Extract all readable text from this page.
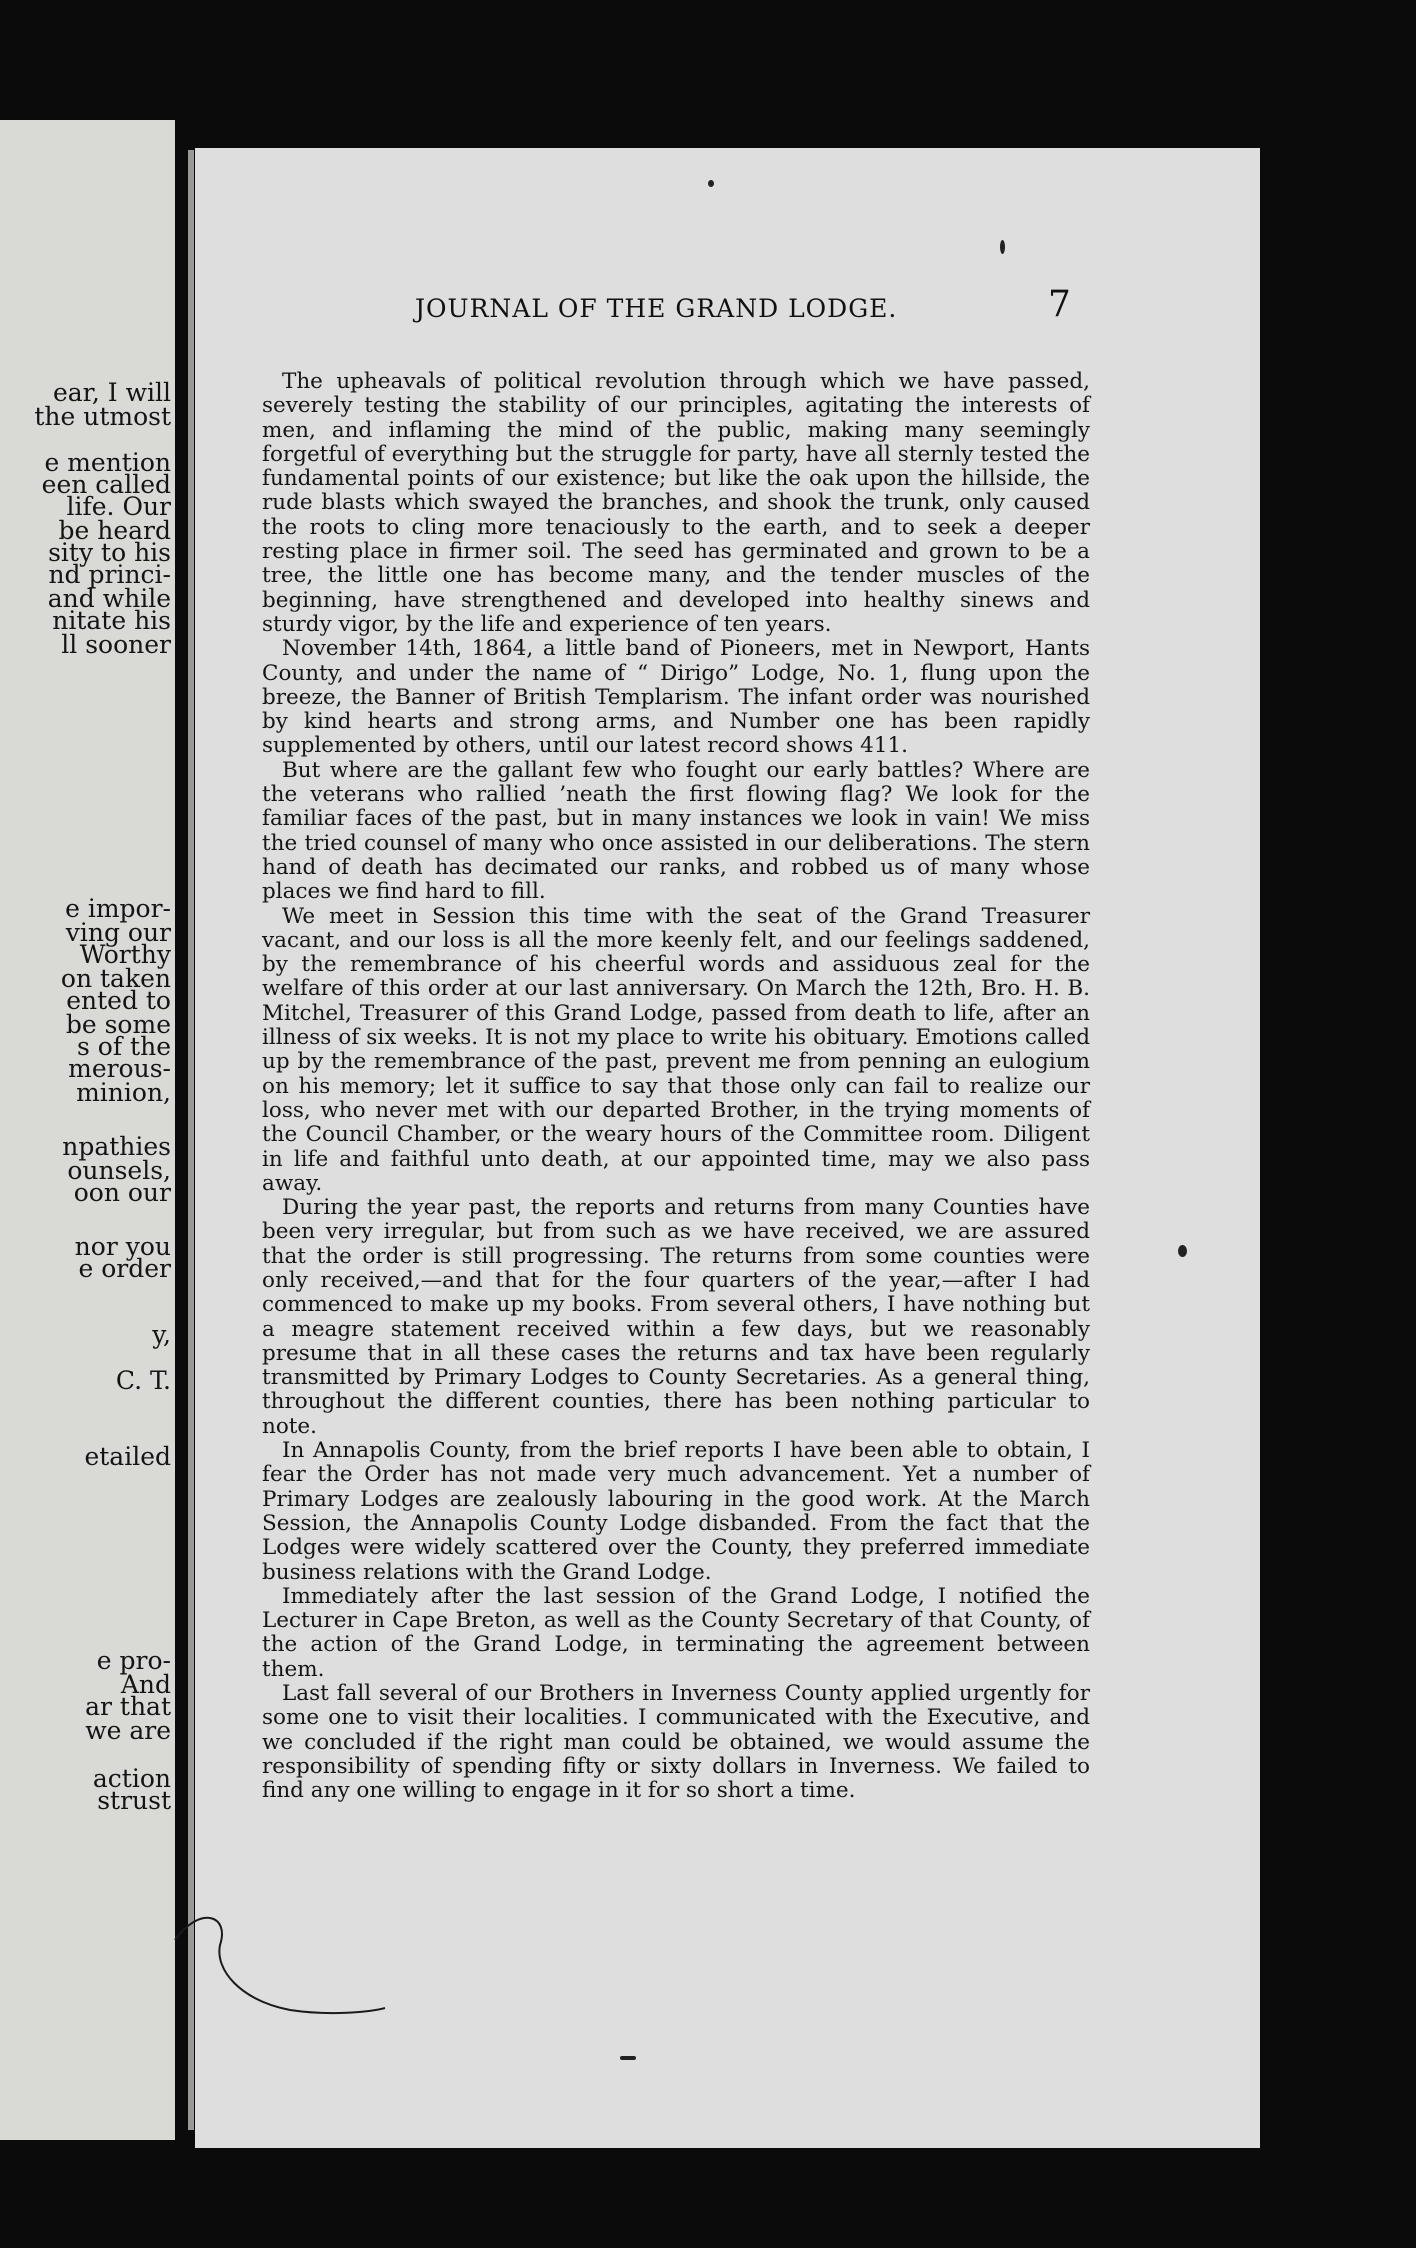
ear, I will
the utmost
e mention
een called
life. Our
be heard
sity to his
nd princi-
and while
nitate his
ll sooner
e impor-
ving our
Worthy
on taken
ented to
be some
s of the
merous-
minion,
npathies
ounsels,
oon our
nor you
e order
y,
C. T.
etailed
e pro-
And
ar that
we are
action
strust
JOURNAL OF THE GRAND LODGE.	7

The upheavals of political revolution through which we have passed, severely testing the stability of our principles, agitating the interests of men, and inflaming the mind of the public, making many seemingly forgetful of everything but the struggle for party, have all sternly tested the fundamental points of our existence; but like the oak upon the hillside, the rude blasts which swayed the branches, and shook the trunk, only caused the roots to cling more tenaciously to the earth, and to seek a deeper resting place in firmer soil. The seed has germinated and grown to be a tree, the little one has become many, and the tender muscles of the beginning, have strengthened and developed into healthy sinews and sturdy vigor, by the life and experience of ten years.

November 14th, 1864, a little band of Pioneers, met in Newport, Hants County, and under the name of “ Dirigo” Lodge, No. 1, flung upon the breeze, the Banner of British Templarism. The infant order was nourished by kind hearts and strong arms, and Number one has been rapidly supplemented by others, until our latest record shows 411.

But where are the gallant few who fought our early battles? Where are the veterans who rallied ’neath the first flowing flag? We look for the familiar faces of the past, but in many instances we look in vain! We miss the tried counsel of many who once assisted in our deliberations. The stern hand of death has decimated our ranks, and robbed us of many whose places we find hard to fill.

We meet in Session this time with the seat of the Grand Treasurer vacant, and our loss is all the more keenly felt, and our feelings saddened, by the remembrance of his cheerful words and assiduous zeal for the welfare of this order at our last anniversary. On March the 12th, Bro. H. B. Mitchel, Treasurer of this Grand Lodge, passed from death to life, after an illness of six weeks. It is not my place to write his obituary. Emotions called up by the remembrance of the past, prevent me from penning an eulogium on his memory; let it suffice to say that those only can fail to realize our loss, who never met with our departed Brother, in the trying moments of the Council Chamber, or the weary hours of the Committee room. Diligent in life and faithful unto death, at our appointed time, may we also pass away.

During the year past, the reports and returns from many Counties have been very irregular, but from such as we have received, we are assured that the order is still progressing. The returns from some counties were only received,—and that for the four quarters of the year,—after I had commenced to make up my books. From several others, I have nothing but a meagre statement received within a few days, but we reasonably presume that in all these cases the returns and tax have been regularly transmitted by Primary Lodges to County Secretaries. As a general thing, throughout the different counties, there has been nothing particular to note.

In Annapolis County, from the brief reports I have been able to obtain, I fear the Order has not made very much advancement. Yet a number of Primary Lodges are zealously labouring in the good work. At the March Session, the Annapolis County Lodge disbanded. From the fact that the Lodges were widely scattered over the County, they preferred immediate business relations with the Grand Lodge.

Immediately after the last session of the Grand Lodge, I notified the Lecturer in Cape Breton, as well as the County Secretary of that County, of the action of the Grand Lodge, in terminating the agreement between them.

Last fall several of our Brothers in Inverness County applied urgently for some one to visit their localities. I communicated with the Executive, and we concluded if the right man could be obtained, we would assume the responsibility of spending fifty or sixty dollars in Inverness. We failed to find any one willing to engage in it for so short a time.
